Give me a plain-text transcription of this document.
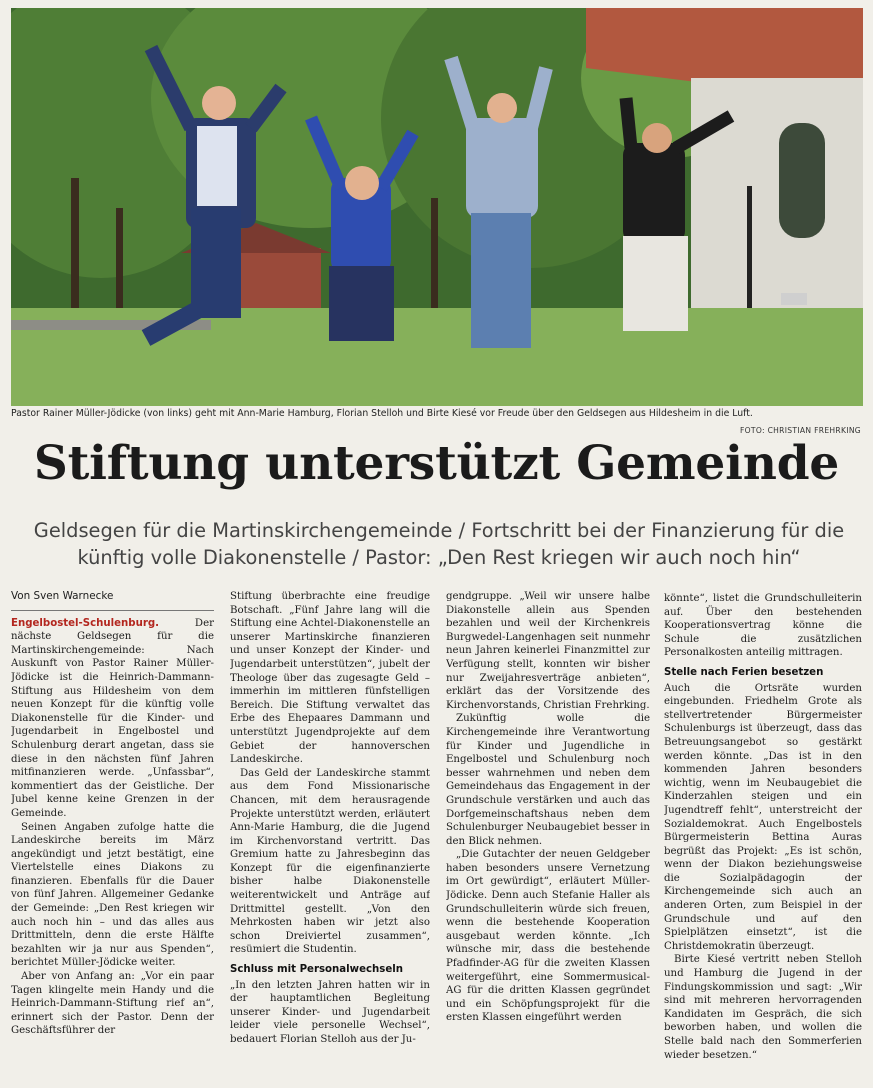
Pastor Rainer Müller-Jödicke (von links) geht mit Ann-Marie Hamburg, Florian Stelloh und Birte Kiesé vor Freude über den Geldsegen aus Hildesheim in die Luft.
FOTO: CHRISTIAN FREHRKING
Stiftung unterstützt Gemeinde
Geldsegen für die Martinskirchengemeinde / Fortschritt bei der Finanzierung für die künftig volle Diakonenstelle / Pastor: „Den Rest kriegen wir auch noch hin“
Von Sven Warnecke

Engelbostel-Schulenburg. Der nächste Geldsegen für die Martinskirchengemeinde: Nach Auskunft von Pastor Rainer Müller-Jödicke ist die Heinrich-Dammann-Stiftung aus Hildesheim von dem neuen Konzept für die künftig volle Diakonenstelle für die Kinder- und Jugendarbeit in Engelbostel und Schulenburg derart angetan, dass sie diese in den nächsten fünf Jahren mitfinanzieren werde. „Unfassbar“, kommentiert das der Geistliche. Der Jubel kenne keine Grenzen in der Gemeinde.

Seinen Angaben zufolge hatte die Landeskirche bereits im März angekündigt und jetzt bestätigt, eine Viertelstelle eines Diakons zu finanzieren. Ebenfalls für die Dauer von fünf Jahren. Allgemeiner Gedanke der Gemeinde: „Den Rest kriegen wir auch noch hin – und das alles aus Drittmitteln, denn die erste Hälfte bezahlten wir ja nur aus Spenden“, berichtet Müller-Jödicke weiter.

Aber von Anfang an: „Vor ein paar Tagen klingelte mein Handy und die Heinrich-Dammann-Stiftung rief an“, erinnert sich der Pastor. Denn der Geschäftsführer der

Stiftung überbrachte eine freudige Botschaft. „Fünf Jahre lang will die Stiftung eine Achtel-Diakonenstelle an unserer Martinskirche finanzieren und unser Konzept der Kinder- und Jugendarbeit unterstützen“, jubelt der Theologe über das zugesagte Geld – immerhin im mittleren fünfstelligen Bereich. Die Stiftung verwaltet das Erbe des Ehepaares Dammann und unterstützt Jugendprojekte auf dem Gebiet der hannoverschen Landeskirche.

Das Geld der Landeskirche stammt aus dem Fond Missionarische Chancen, mit dem herausragende Projekte unterstützt werden, erläutert Ann-Marie Hamburg, die die Jugend im Kirchenvorstand vertritt. Das Gremium hatte zu Jahresbeginn das Konzept für die eigenfinanzierte bisher halbe Diakonenstelle weiterentwickelt und Anträge auf Drittmittel gestellt. „Von den Mehrkosten haben wir jetzt also schon Dreiviertel zusammen“, resümiert die Studentin.

Schluss mit Personalwechseln

„In den letzten Jahren hatten wir in der hauptamtlichen Begleitung unserer Kinder- und Jugendarbeit leider viele personelle Wechsel“, bedauert Florian Stelloh aus der Ju-

gendgruppe. „Weil wir unsere halbe Diakonstelle allein aus Spenden bezahlen und weil der Kirchenkreis Burgwedel-Langenhagen seit nunmehr neun Jahren keinerlei Finanzmittel zur Verfügung stellt, konnten wir bisher nur Zweijahresverträge anbieten“, erklärt das der Vorsitzende des Kirchenvorstands, Christian Frehrking.

Zukünftig wolle die Kirchengemeinde ihre Verantwortung für Kinder und Jugendliche in Engelbostel und Schulenburg noch besser wahrnehmen und neben dem Gemeindehaus das Engagement in der Grundschule verstärken und auch das Dorfgemeinschaftshaus neben dem Schulenburger Neubaugebiet besser in den Blick nehmen.

„Die Gutachter der neuen Geldgeber haben besonders unsere Vernetzung im Ort gewürdigt“, erläutert Müller-Jödicke. Denn auch Stefanie Haller als Grundschulleiterin würde sich freuen, wenn die bestehende Kooperation ausgebaut werden könnte. „Ich wünsche mir, dass die bestehende Pfadfinder-AG für die zweiten Klassen weitergeführt, eine Sommermusical-AG für die dritten Klassen gegründet und ein Schöpfungsprojekt für die ersten Klassen eingeführt werden

könnte“, listet die Grundschulleiterin auf. Über den bestehenden Kooperationsvertrag könne die Schule die zusätzlichen Personalkosten anteilig mittragen.

Stelle nach Ferien besetzen

Auch die Ortsräte wurden eingebunden. Friedhelm Grote als stellvertretender Bürgermeister Schulenburgs ist überzeugt, dass das Betreuungsangebot so gestärkt werden könnte. „Das ist in den kommenden Jahren besonders wichtig, wenn im Neubaugebiet die Kinderzahlen steigen und ein Jugendtreff fehlt“, unterstreicht der Sozialdemokrat. Auch Engelbostels Bürgermeisterin Bettina Auras begrüßt das Projekt: „Es ist schön, wenn der Diakon beziehungsweise die Sozialpädagogin der Kirchengemeinde sich auch an anderen Orten, zum Beispiel in der Grundschule und auf den Spielplätzen einsetzt“, ist die Christdemokratin überzeugt.

Birte Kiesé vertritt neben Stelloh und Hamburg die Jugend in der Findungskommission und sagt: „Wir sind mit mehreren hervorragenden Kandidaten im Gespräch, die sich beworben haben, und wollen die Stelle bald nach den Sommerferien wieder besetzen.“
